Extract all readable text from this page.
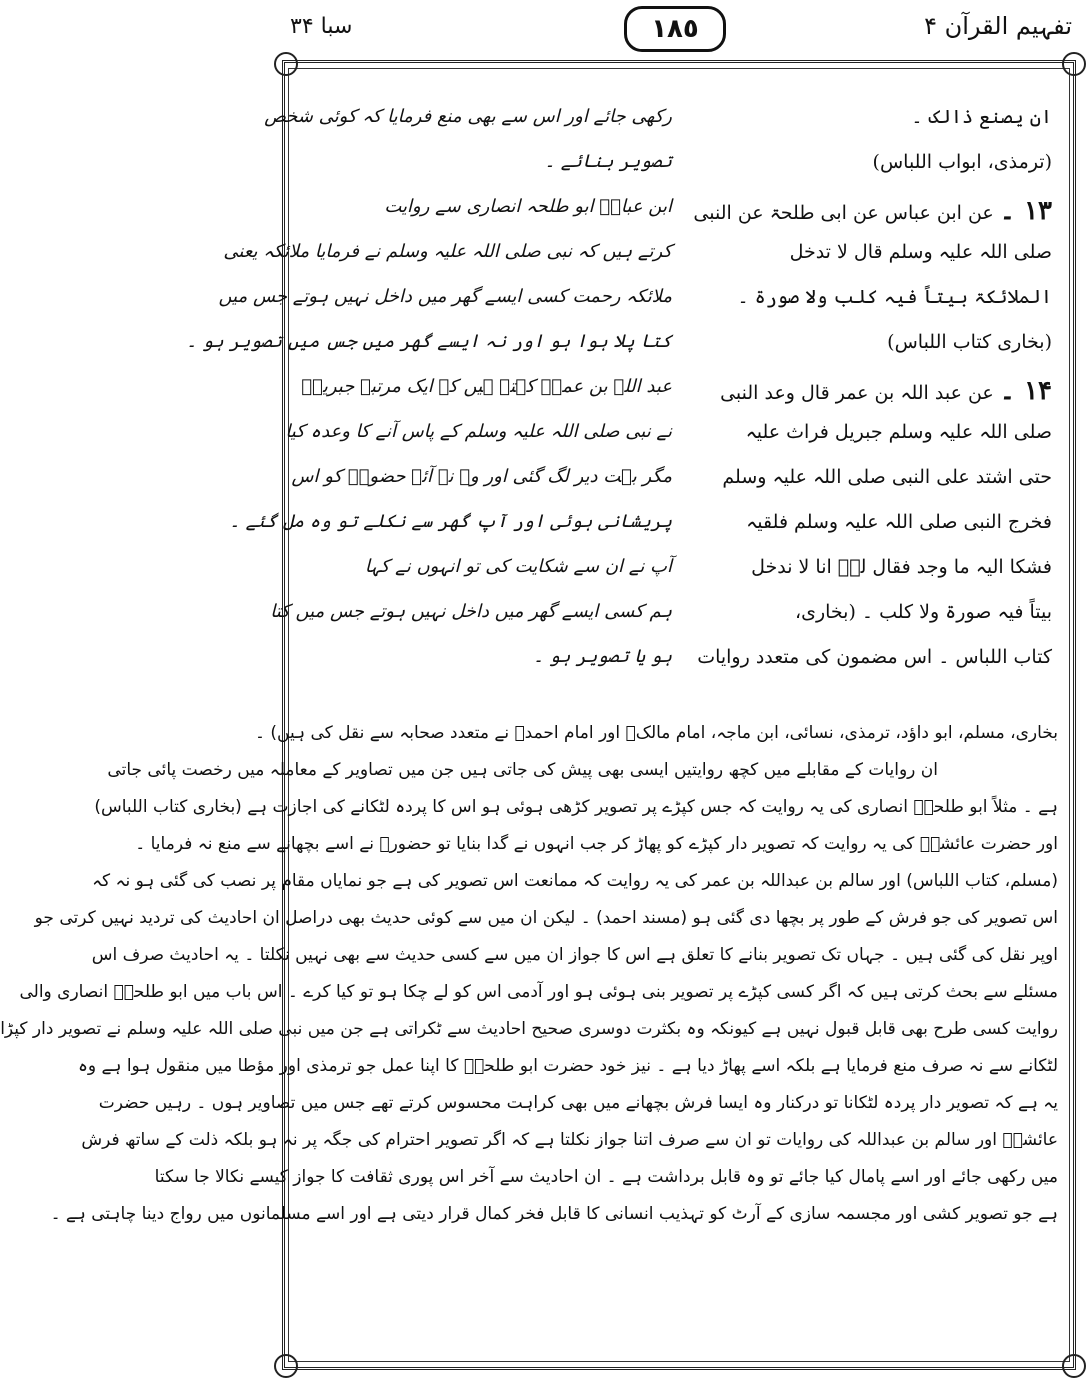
تفہیم القرآن ۴
١٨٥
سبا ۳۴
ان یصنع ذالک ۔
رکھی جائے اور اس سے بھی منع فرمایا کہ کوئی شخص
(ترمذی، ابواب اللباس)
تصویر بنائے ۔
۱۳ ۔عن ابن عباس عن ابی طلحۃ عن النبی
ابن عباسؓ ابو طلحہ انصاری سے روایت
صلی اللہ علیہ وسلم قال لا تدخل
کرتے ہیں کہ نبی صلی اللہ علیہ وسلم نے فرمایا ملائکہ یعنی
الملائکۃ بیتاً فیہ کلب ولا صورۃ ۔
ملائکہ رحمت کسی ایسے گھر میں داخل نہیں ہوتے جس میں
(بخاری کتاب اللباس)
کتا پلا ہوا ہو اور نہ ایسے گھر میں جس میں تصویر ہو ۔
۱۴ ۔عن عبد اللہ بن عمر قال وعد النبی
عبد اللہ بن عمرؓ کہتے ہیں کہ ایک مرتبہ جبریلؑ
صلی اللہ علیہ وسلم جبریل فراث علیہ
نے نبی صلی اللہ علیہ وسلم کے پاس آنے کا وعدہ کیا
حتی اشتد علی النبی صلی اللہ علیہ وسلم
مگر بہت دیر لگ گئی اور وہ نہ آئے حضورؐ کو اس
فخرج النبی صلی اللہ علیہ وسلم فلقیہ
پریشانی ہوئی اور آپ گھر سے نکلے تو وہ مل گئے ۔
فشکا الیہ ما وجد فقال لہٗ انا لا ندخل
آپ نے ان سے شکایت کی تو انہوں نے کہا
بیتاً فیہ صورۃ ولا کلب ۔ (بخاری،
ہم کسی ایسے گھر میں داخل نہیں ہوتے جس میں کتا
کتاب اللباس ۔ اس مضمون کی متعدد روایات
ہو یا تصویر ہو ۔

بخاری، مسلم، ابو داؤد، ترمذی، نسائی، ابن ماجہ، امام مالکؒ اور امام احمدؒ نے متعدد صحابہ سے نقل کی ہیں) ۔

ان روایات کے مقابلے میں کچھ روایتیں ایسی بھی پیش کی جاتی ہیں جن میں تصاویر کے معاملہ میں رخصت پائی جاتی

ہے ۔ مثلاً ابو طلحہؓ انصاری کی یہ روایت کہ جس کپڑے پر تصویر کڑھی ہوئی ہو اس کا پردہ لٹکانے کی اجازت ہے (بخاری کتاب اللباس)

اور حضرت عائشہؓ کی یہ روایت کہ تصویر دار کپڑے کو پھاڑ کر جب انہوں نے گدا بنایا تو حضورؐ نے اسے بچھانے سے منع نہ فرمایا ۔

(مسلم، کتاب اللباس) اور سالم بن عبداللہ بن عمر کی یہ روایت کہ ممانعت اس تصویر کی ہے جو نمایاں مقام پر نصب کی گئی ہو نہ کہ

اس تصویر کی جو فرش کے طور پر بچھا دی گئی ہو (مسند احمد) ۔ لیکن ان میں سے کوئی حدیث بھی دراصل ان احادیث کی تردید نہیں کرتی جو

اوپر نقل کی گئی ہیں ۔ جہاں تک تصویر بنانے کا تعلق ہے اس کا جواز ان میں سے کسی حدیث سے بھی نہیں نکلتا ۔ یہ احادیث صرف اس

مسئلے سے بحث کرتی ہیں کہ اگر کسی کپڑے پر تصویر بنی ہوئی ہو اور آدمی اس کو لے چکا ہو تو کیا کرے ۔ اس باب میں ابو طلحہؓ انصاری والی

روایت کسی طرح بھی قابل قبول نہیں ہے کیونکہ وہ بکثرت دوسری صحیح احادیث سے ٹکراتی ہے جن میں نبی صلی اللہ علیہ وسلم نے تصویر دار کپڑا

لٹکانے سے نہ صرف منع فرمایا ہے بلکہ اسے پھاڑ دیا ہے ۔ نیز خود حضرت ابو طلحہؓ کا اپنا عمل جو ترمذی اور مؤطا میں منقول ہوا ہے وہ

یہ ہے کہ تصویر دار پردہ لٹکانا تو درکنار وہ ایسا فرش بچھانے میں بھی کراہت محسوس کرتے تھے جس میں تصاویر ہوں ۔ رہیں حضرت

عائشہؓ اور سالم بن عبداللہ کی روایات تو ان سے صرف اتنا جواز نکلتا ہے کہ اگر تصویر احترام کی جگہ پر نہ ہو بلکہ ذلت کے ساتھ فرش

میں رکھی جائے اور اسے پامال کیا جائے تو وہ قابل برداشت ہے ۔ ان احادیث سے آخر اس پوری ثقافت کا جواز کیسے نکالا جا سکتا

ہے جو تصویر کشی اور مجسمہ سازی کے آرٹ کو تہذیب انسانی کا قابل فخر کمال قرار دیتی ہے اور اسے مسلمانوں میں رواج دینا چاہتی ہے ۔
